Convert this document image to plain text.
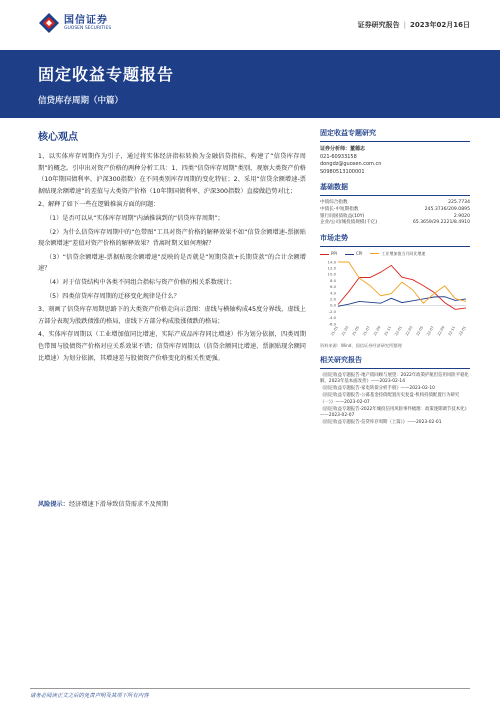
国信证券
GUOSEN SECURITIES	证券研究报告 | 2023年02月16日
固定收益专题报告
信贷库存周期（中篇）
核心观点

1、以实体库存周期作为引子，通过将实体经济指标转换为金融信贷指标，构建了“信贷库存周期”的概念。引申出对资产价格的两种分析工具：1、四类“信贷库存周期”类别，观察大类资产价格（10年期国债利率、沪深300指数）在不同类别库存周期的变化特征；2、采用“信贷余额增速-票据贴现余额增速”的差值与大类资产价格（10年期国债利率、沪深300指数）直接做趋势对比；

2、解释了如下一些在逻辑推演方面的问题：

（1）是否可以从“实体库存周期”内涵推演到的“信贷库存周期”；

（2）为什么信贷库存周期中的“色带图”工具对资产价格的解释效果不如“信贷余额增速-票据贴现余额增速”差值对资产价格的解释效果？背离时期又如何理解？

（3）“信贷余额增速-票据贴现余额增速”反映的是否就是“短期贷款+长期贷款”的合计余额增速？

（4）对于信贷结构中各类不同组合指标与资产价格的相关系数统计；

（5）四类信贷库存周期的迁移变化规律是什么？

3、刻画了信贷库存周期思路下的大类资产价格走向示意图：虚线与横轴构成45度分界线，虚线上方部分表现为股跌债涨的格局，虚线下方部分构成股涨债跌的格局；

4、实体库存周期以（工业增加值同比增速、实际产成品库存同比增速）作为划分依据，四类周期色带图与股债资产价格对应关系效果不错；信贷库存周期以（信贷余额同比增速、票据贴现余额同比增速）为划分依据，其增速差与股债资产价格变化的相关性更强。

风险提示：经济增速下滑导致信贷需求不及预期
固定收益专题研究
证券分析师：董德志
021-60933158
dongdz@guosen.com.cn
S0980513100001
基础数据
中债综合指数	225.7734
中债长-中短期指数	245.3736/209.0895
银行间国债收益(10Y)	2.9020
企业/公司/城投债规模(千亿)	65.3659/29.2221/8.4910
市场走势
PPI	CPI	工业增加值当月同比增速
14.0
12.0
10.0
8.0
6.0
4.0
2.0
0.0
-2.0
-4.0
-6.0
21-01 21-03 21-05 21-07 21-09 21-11 22-01 22-03 22-05 22-07 22-09 22-11 23-01
资料来源：Wind、国信证券经济研究所整理
相关研究报告
《固定收益专题报告-地产债回顾与展望：2022年政策护航但信用风险平稳化解，2023年基本面改善》——2023-02-14
《固定收益专题报告-家电转债分析手册》——2023-02-10
《固定收益专题报告-公募基金持债配置历史复盘-机构持债配置行为研究（一）》——2023-02-07
《固定收益专题报告-2022年城投信用风险事件梳理：政策逐期调节技术化》——2023-02-07
《固定收益专题报告-信贷库存周期（上篇）》——2023-02-01
请务必阅读正文之后的免责声明及其项下所有内容
